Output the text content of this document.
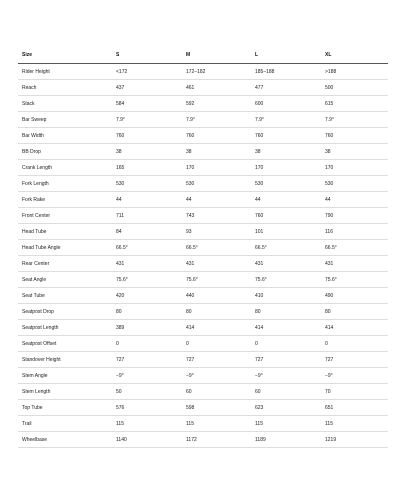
Size	S	M	L	XL
Rider Height	<172	172–182	185–188	>188
Reach	437	461	477	500
Stack	584	592	600	615
Bar Sweep	7.9°	7.9°	7.9°	7.9°
Bar Width	760	760	760	760
BB Drop	38	38	38	38
Crank Length	165	170	170	170
Fork Length	530	530	530	530
Fork Rake	44	44	44	44
Front Center	711	743	760	790
Head Tube	84	93	101	116
Head Tube Angle	66.5°	66.5°	66.5°	66.5°
Rear Center	431	431	431	431
Seat Angle	75.6°	75.6°	75.6°	75.6°
Seat Tube	420	440	410	490
Seatpost Drop	80	80	80	80
Seatpost Length	389	414	414	414
Seatpost Offset	0	0	0	0
Standover Height	727	727	727	727
Stem Angle	−9°	−9°	−9°	−9°
Stem Length	50	60	60	70
Top Tube	576	598	623	651
Trail	115	115	115	115
Wheelbase	1140	1172	1189	1219
